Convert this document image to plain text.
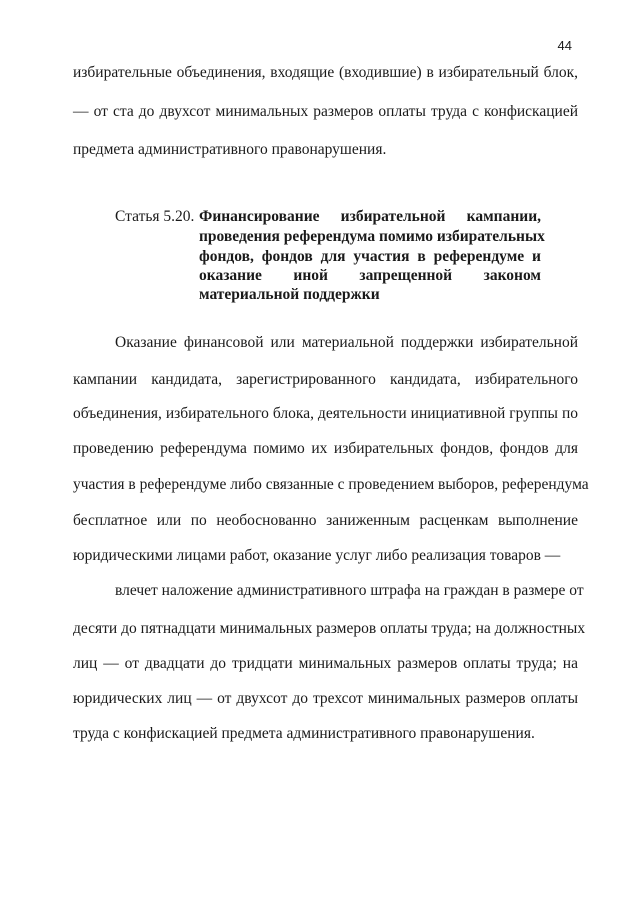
44
избирательные объединения, входящие (входившие) в избирательный блок,
— от ста до двухсот минимальных размеров оплаты труда с конфискацией
предмета административного правонарушения.
Статья 5.20. Финансирование избирательной кампании,
проведения референдума помимо избирательных
фондов, фондов для участия в референдуме и
оказание иной запрещенной законом
материальной поддержки
Оказание финансовой или материальной поддержки избирательной
кампании кандидата, зарегистрированного кандидата, избирательного
объединения, избирательного блока, деятельности инициативной группы по
проведению референдума помимо их избирательных фондов, фондов для
участия в референдуме либо связанные с проведением выборов, референдума
бесплатное или по необоснованно заниженным расценкам выполнение
юридическими лицами работ, оказание услуг либо реализация товаров —
влечет наложение административного штрафа на граждан в размере от
десяти до пятнадцати минимальных размеров оплаты труда; на должностных
лиц — от двадцати до тридцати минимальных размеров оплаты труда; на
юридических лиц — от двухсот до трехсот минимальных размеров оплаты
труда с конфискацией предмета административного правонарушения.
